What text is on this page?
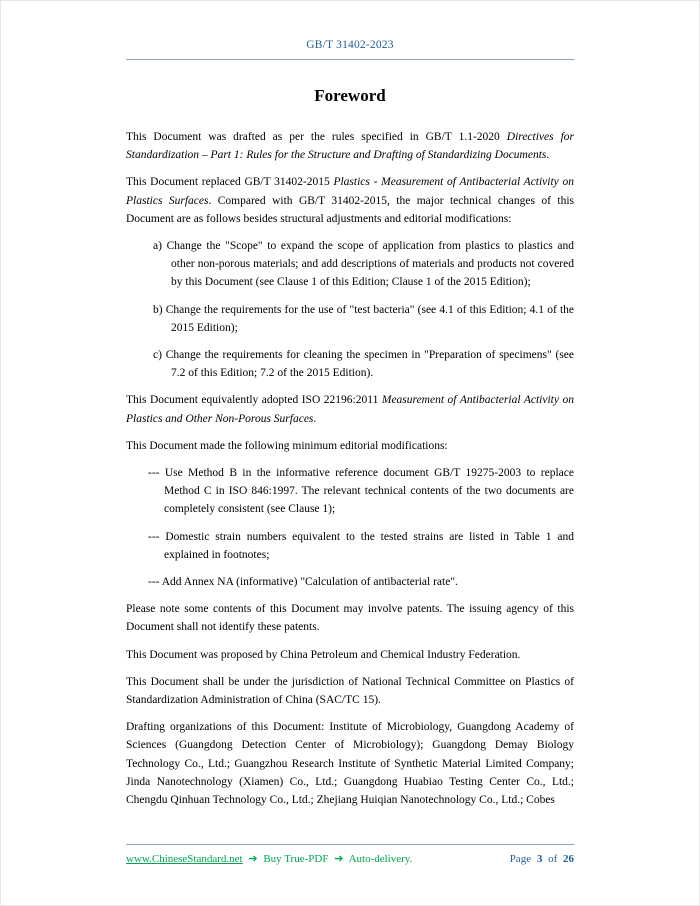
GB/T 31402-2023
Foreword

This Document was drafted as per the rules specified in GB/T 1.1-2020 Directives for Standardization – Part 1: Rules for the Structure and Drafting of Standardizing Documents.

This Document replaced GB/T 31402-2015 Plastics - Measurement of Antibacterial Activity on Plastics Surfaces. Compared with GB/T 31402-2015, the major technical changes of this Document are as follows besides structural adjustments and editorial modifications:

a) Change the "Scope" to expand the scope of application from plastics to plastics and other non-porous materials; and add descriptions of materials and products not covered by this Document (see Clause 1 of this Edition; Clause 1 of the 2015 Edition);

b) Change the requirements for the use of "test bacteria" (see 4.1 of this Edition; 4.1 of the 2015 Edition);

c) Change the requirements for cleaning the specimen in "Preparation of specimens" (see 7.2 of this Edition; 7.2 of the 2015 Edition).

This Document equivalently adopted ISO 22196:2011 Measurement of Antibacterial Activity on Plastics and Other Non-Porous Surfaces.

This Document made the following minimum editorial modifications:

--- Use Method B in the informative reference document GB/T 19275-2003 to replace Method C in ISO 846:1997. The relevant technical contents of the two documents are completely consistent (see Clause 1);

--- Domestic strain numbers equivalent to the tested strains are listed in Table 1 and explained in footnotes;

--- Add Annex NA (informative) "Calculation of antibacterial rate".

Please note some contents of this Document may involve patents. The issuing agency of this Document shall not identify these patents.

This Document was proposed by China Petroleum and Chemical Industry Federation.

This Document shall be under the jurisdiction of National Technical Committee on Plastics of Standardization Administration of China (SAC/TC 15).

Drafting organizations of this Document: Institute of Microbiology, Guangdong Academy of Sciences (Guangdong Detection Center of Microbiology); Guangdong Demay Biology Technology Co., Ltd.; Guangzhou Research Institute of Synthetic Material Limited Company; Jinda Nanotechnology (Xiamen) Co., Ltd.; Guangdong Huabiao Testing Center Co., Ltd.; Chengdu Qinhuan Technology Co., Ltd.; Zhejiang Huiqian Nanotechnology Co., Ltd.; Cobes

www.ChineseStandard.net ➔ Buy True-PDF ➔ Auto-delivery.	Page 3 of 26
